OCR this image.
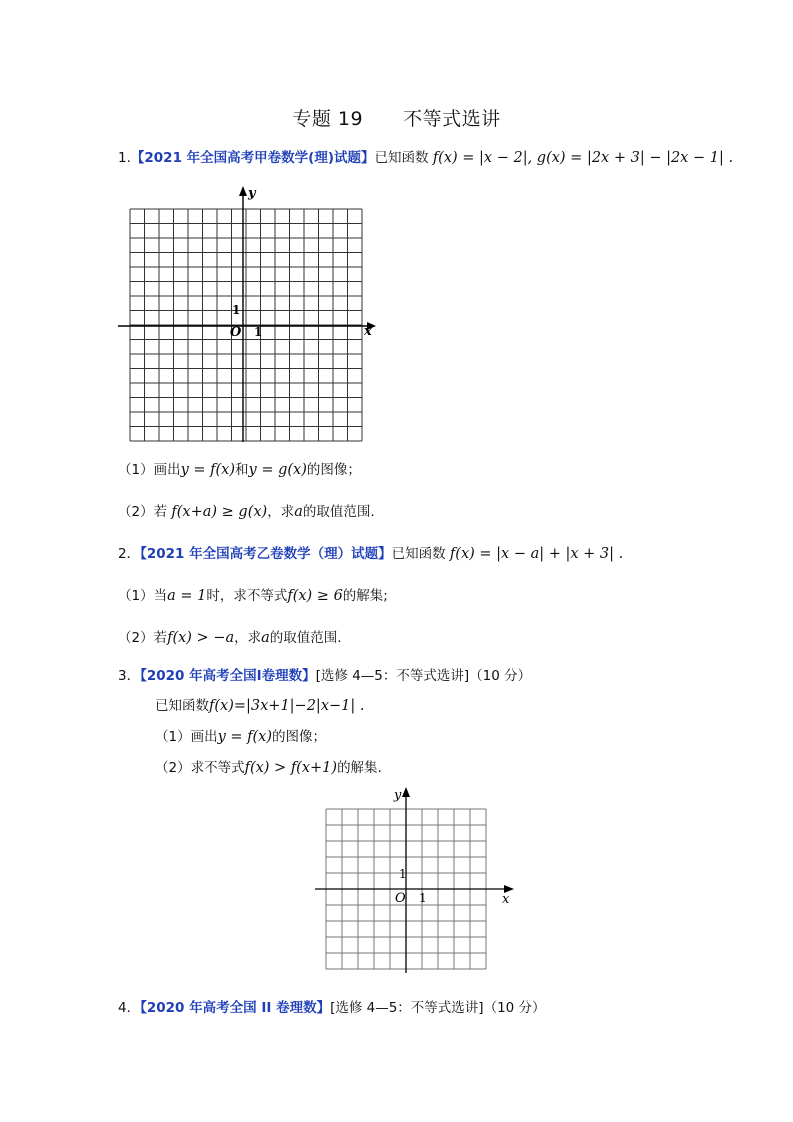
专题 19 不等式选讲
1.【2021 年全国高考甲卷数学(理)试题】已知函数 f(x) = |x − 2|, g(x) = |2x + 3| − |2x − 1| .
x
y
O 1
1
（1）画出y = f(x)和y = g(x)的图像；
（2）若 f(x+a) ≥ g(x)，求a的取值范围.
2．【2021 年全国高考乙卷数学（理）试题】已知函数 f(x) = |x − a| + |x + 3| .
（1）当a = 1时，求不等式f(x) ≥ 6的解集;
（2）若f(x) > −a，求a的取值范围.
3．【2020 年高考全国Ⅰ卷理数】[选修 4—5：不等式选讲]（10 分）
已知函数f(x)=|3x+1|−2|x−1| .
（1）画出y = f(x)的图像；
（2）求不等式f(x) > f(x+1)的解集.
x
y
O 1
1
4．【2020 年高考全国 II 卷理数】[选修 4—5：不等式选讲]（10 分）
